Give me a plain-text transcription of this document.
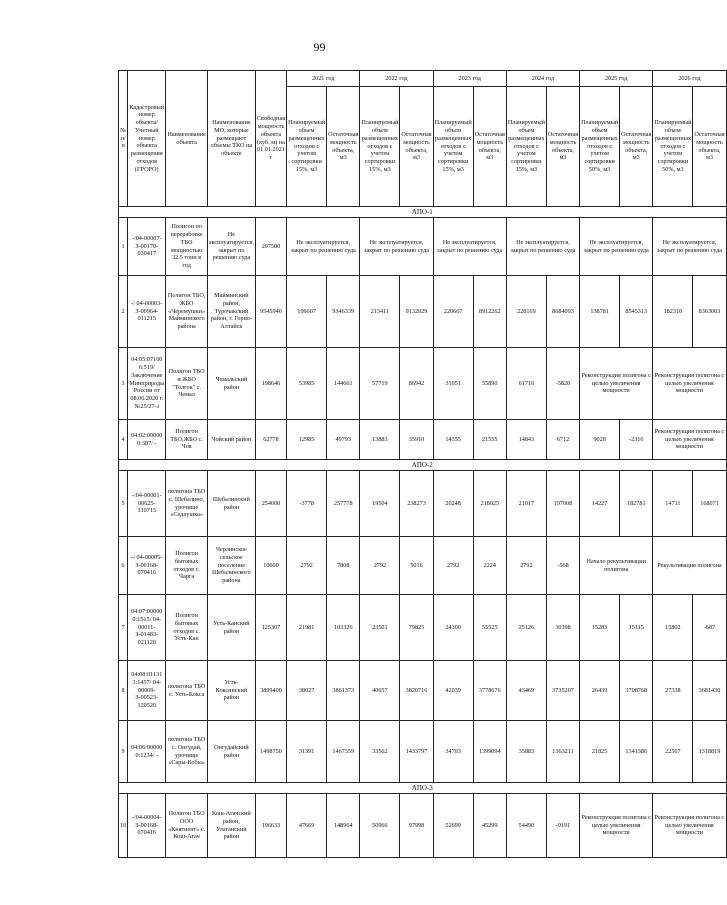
99
№ п/п	Кадастровый номер объекта/ Учетный номер объекта размещения отходов (ГРОРО)	Наименование объекта	Наименование МО, которые размещают объемы ТКО на объекте	Свободная мощность объекта (куб. м) на 01.01.2021 г	2021 год		2022 год		2023 год		2024 год		2025 год		2026 год	
					Планируемый объем размещенных отходов с учетом сортировки 15%, м3	Остаточная мощность объекта, м3	Планируемый объем размещенных отходов с учетом сортировки 15%, м3	Остаточная мощность объекта, м3	Планируемый объем размещенных отходов с учетом сортировки 15%, м3	Остаточная мощность объекта, м3	Планируемый объем размещенных отходов с учетом сортировки 15%, м3	Остаточная мощность объекта, м3	Планируемый объем размещенных отходов с учетом сортировки 50%, м3	Остаточная мощность объекта, м3	Планируемый объем размещенных отходов с учетом сортировки 50%, м3	Остаточная мощность объекта, м3
АПО-1																
1	-/04-00007-З-00170-030417	Полигон по переработке ТБО мощностью 32.5 тонн в год	Не эксплуатируется, закрыт по решению суда	297500	Не эксплуатируется, закрыт по решению суда		Не эксплуатируется, закрыт по решению суда		Не эксплуатируется, закрыт по решению суда		Не эксплуатируется, закрыт по решению суда		Не эксплуатируется, закрыт по решению суда		Не эксплуатируется, закрыт по решению суда	
2	-/ 04-00003-З-00964-011215	Полигон ТБО, ЖБО «Черемушки» Майминского района	Майминский район, Турочакский район, г. Горно-Алтайск	9545946	199607	9346339	213411	9132929	220667	8912262	228169	8684093	138781	8545313	182310	8363003
3	04:05:07100 6:519/ Заключение Минприроды России от 08.06.2020 г. №25/27-з	Полигон ТБО и ЖБО "Толгок" с. Чемал	Чемальский район	198646	53985	144661	57719	86942	31051	55890	61710	-5820	Реконструкция полигона с целью увеличения мощности		Реконструкция полигона с целью увеличения мощности	
4	04:02:00000 0:387/ -	Полигон ТБО,ЖБО с. Чоя	Чойский район	62778	12985	49793	13883	35910	14355	21555	14843	6712	9028	-2316	Реконструкция полигона с целью увеличения мощности	
АПО-2																
5	-/04-00001-00625-310715	полигона ТБО с. Шебалино, урочище «Седлушка»	Шебалинский район	254000	-3778	257778	19504	238273	20248	218025	21017	197008	14227	182781	14711	168071
6	-/ 04-00005-З-00168-070416	Полигон бытовых отходов с. Чарга	Черлинское сельское поселение Шебалинского района	10600	2792	7808	2792	5016	2792	2224	2792	-568	Начало рекультивации полигона		Рекультивация полигона	
7	04:07:00000 0:1515/ 04-00011-З-01483-021120	Полигон бытовых отходов с. Усть-Кан	Усть-Канский район	125307	21981	103326	23501	79825	24300	55525	25126	30398	15283	15115	15802	-687
8	04:08:01131 3:1457/ 04-00009-З-00523-120520	полигона ТБО с. Усть-Кокса	Усть-Коксинский район	3899400	38027	3861373	40657	3820716	42039	3778676	43469	3735207	26439	3708768	27338	3681430
9	04:06:00000 0:1234/ -	полигона ТБО с. Онгудай, урочище «Сары-Кобы»	Онгудайский район	1498750	31391	1467359	33562	1433797	34703	1399094	35883	1363211	21825	1341386	22567	1318819
АПО-3																
10	-/04-00004-З-00168-070416	Полигон ТБО ООО «Княтиент» с. Кош-Агач	Кош-Агачский район, Улаганский район	196633	47669	148964	50966	97998	52699	45299	54490	-9191	Реконструкция полигона с целью увеличения мощности		Реконструкция полигона с целью увеличения мощности	
